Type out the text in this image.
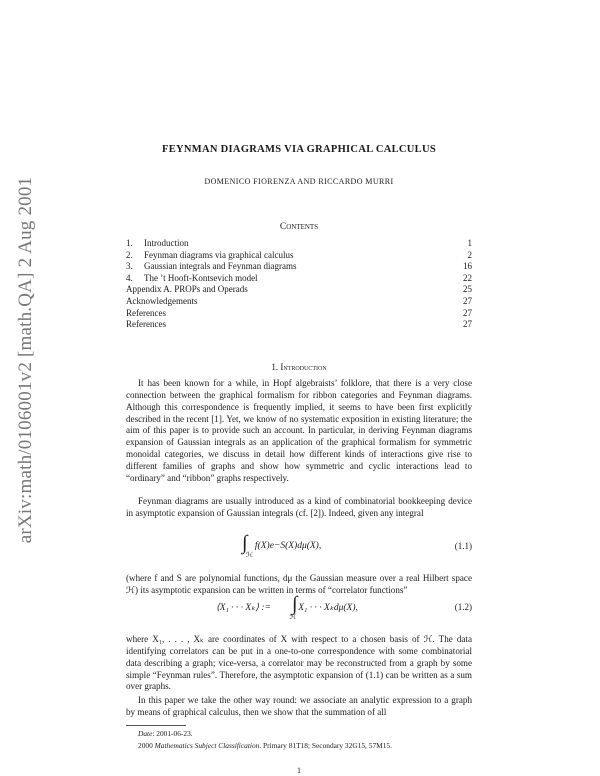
arXiv:math/0106001v2 [math.QA] 2 Aug 2001
FEYNMAN DIAGRAMS VIA GRAPHICAL CALCULUS
DOMENICO FIORENZA AND RICCARDO MURRI
Contents
1.	Introduction	1
2.	Feynman diagrams via graphical calculus	2
3.	Gaussian integrals and Feynman diagrams	16
4.	The ’t Hooft-Kontsevich model	22
Appendix A. PROPs and Operads	25
Acknowledgements	27
References	27
References	27
1. Introduction

It has been known for a while, in Hopf algebraists’ folklore, that there is a very close connection between the graphical formalism for ribbon categories and Feynman diagrams. Although this correspondence is frequently implied, it seems to have been first explicitly described in the recent [1]. Yet, we know of no systematic exposition in existing literature; the aim of this paper is to provide such an account. In particular, in deriving Feynman diagrams expansion of Gaussian integrals as an application of the graphical formalism for symmetric monoidal categories, we discuss in detail how different kinds of interactions give rise to different families of graphs and show how symmetric and cyclic interactions lead to “ordinary” and “ribbon” graphs respectively.

Feynman diagrams are usually introduced as a kind of combinatorial bookkeeping device in asymptotic expansion of Gaussian integrals (cf. [2]). Indeed, given any integral

∫
$_ℋ$f(X)e−S(X)dμ(X),	(1.1)

(where f and S are polynomial functions, dμ the Gaussian measure over a real Hilbert space ℋ) its asymptotic expansion can be written in terms of “correlator functions”

⟨X₁ · · · Xₖ⟩ := $_ℋ$X₁ · · · Xₖdμ(X),
∫	(1.2)

where X₁, . . . , Xₖ are coordinates of X with respect to a chosen basis of ℋ. The data identifying correlators can be put in a one-to-one correspondence with some combinatorial data describing a graph; vice-versa, a correlator may be reconstructed from a graph by some simple “Feynman rules”. Therefore, the asymptotic expansion of (1.1) can be written as a sum over graphs.

In this paper we take the other way round: we associate an analytic expression to a graph by means of graphical calculus, then we show that the summation of all

Date: 2001-06-23.
2000 Mathematics Subject Classification. Primary 81T18; Secondary 32G15, 57M15.
1
